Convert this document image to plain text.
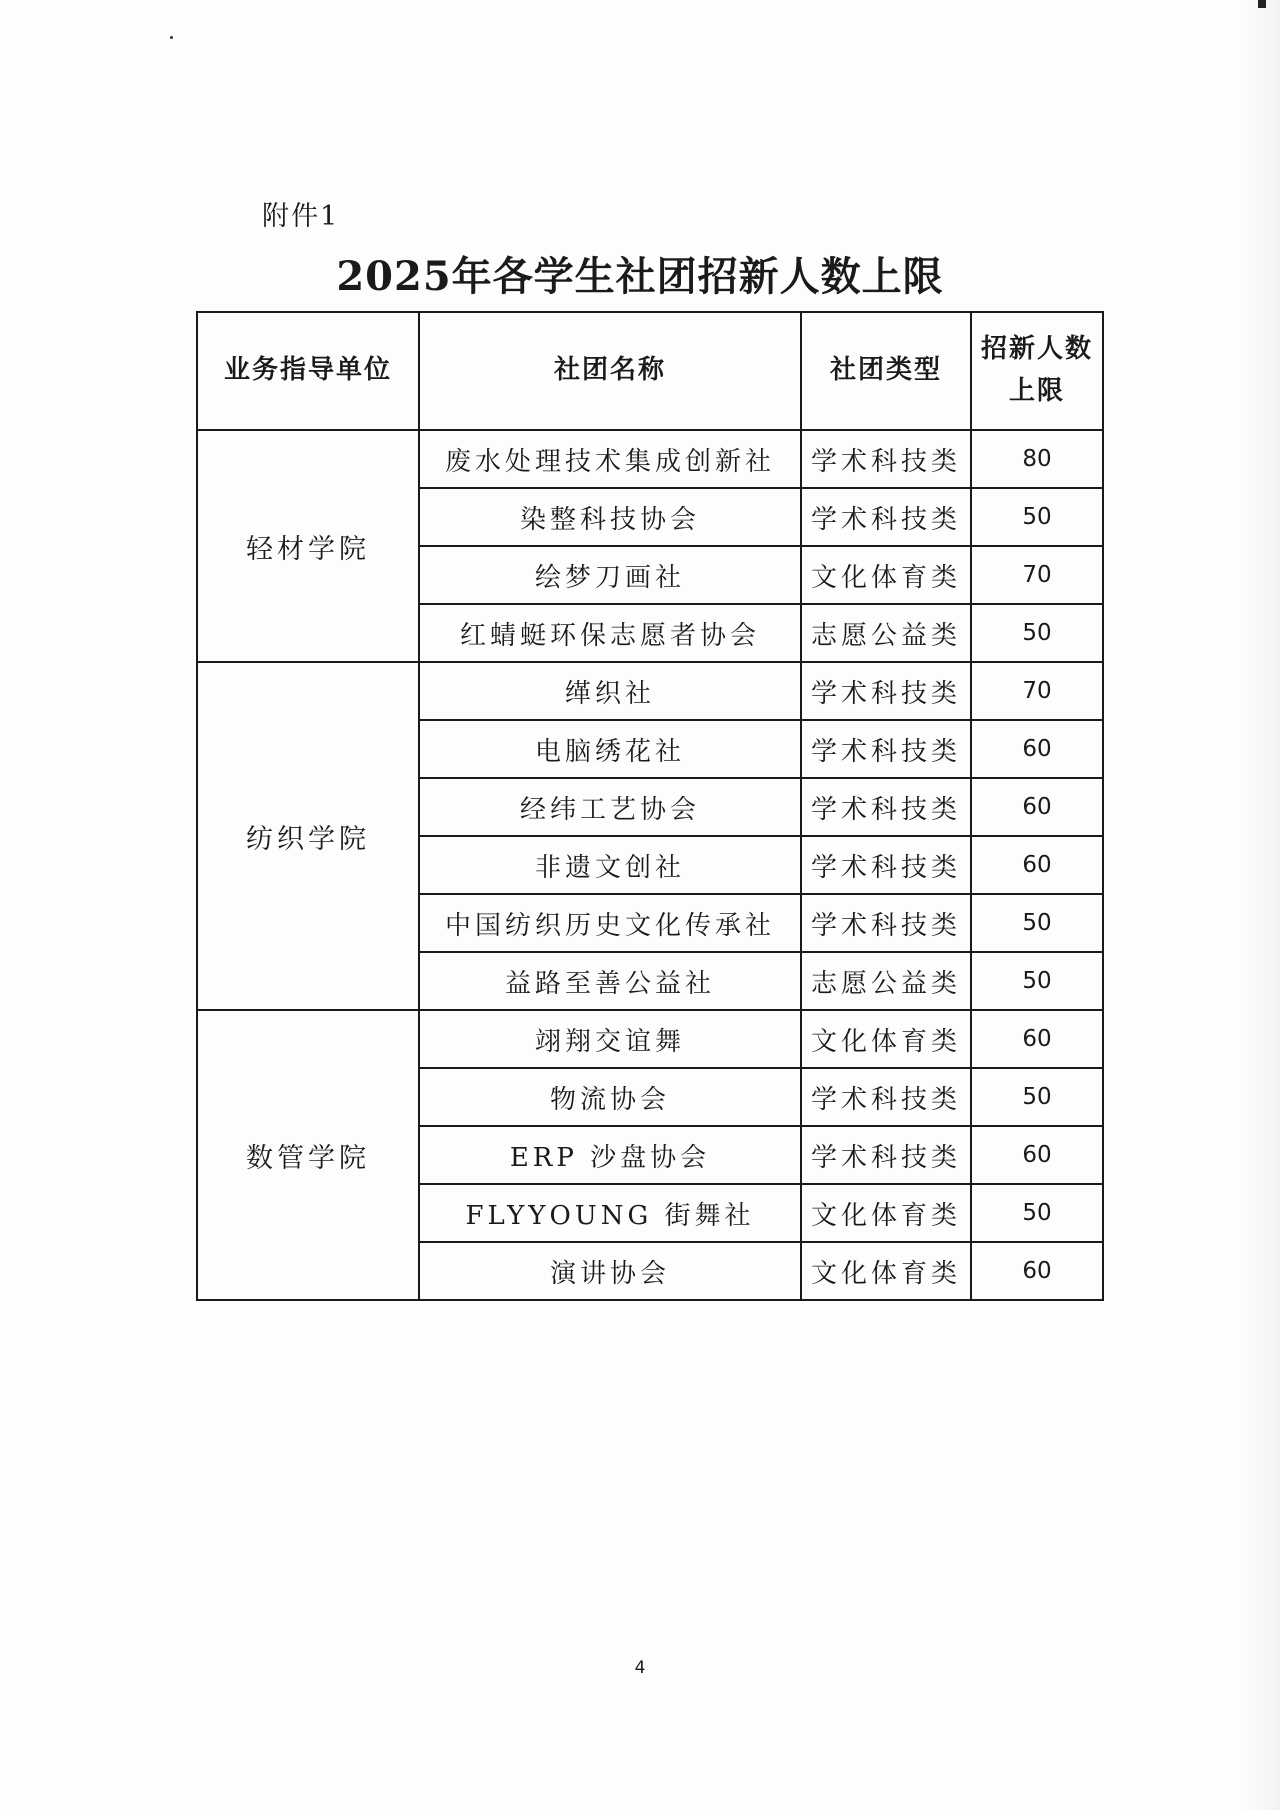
附件1
2025年各学生社团招新人数上限
业务指导单位	社团名称	社团类型	招新人数上限
轻材学院	废水处理技术集成创新社	学术科技类	80
	染整科技协会	学术科技类	50
	绘梦刀画社	文化体育类	70
	红蜻蜓环保志愿者协会	志愿公益类	50
纺织学院	缂织社	学术科技类	70
	电脑绣花社	学术科技类	60
	经纬工艺协会	学术科技类	60
	非遗文创社	学术科技类	60
	中国纺织历史文化传承社	学术科技类	50
	益路至善公益社	志愿公益类	50
数管学院	翊翔交谊舞	文化体育类	60
	物流协会	学术科技类	50
	ERP 沙盘协会	学术科技类	60
	FLYYOUNG 街舞社	文化体育类	50
	演讲协会	文化体育类	60
4
